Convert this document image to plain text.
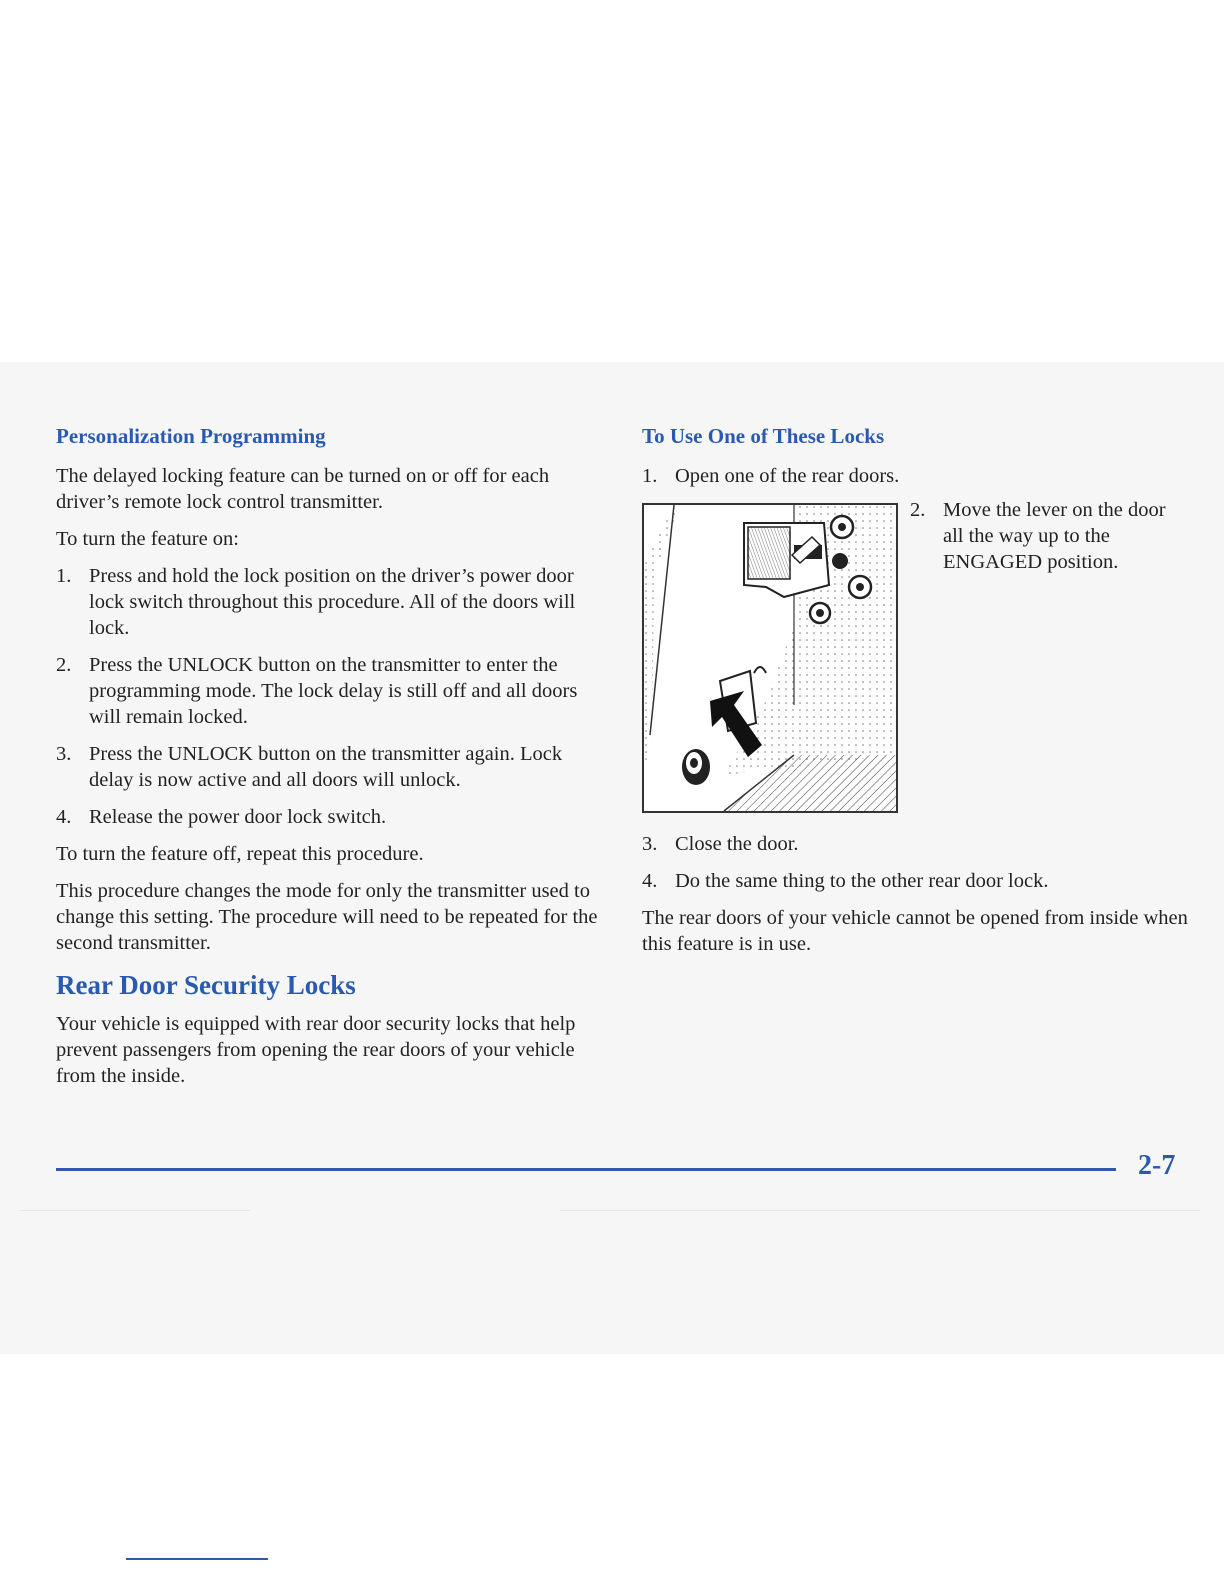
Personalization Programming

The delayed locking feature can be turned on or off for each driver’s remote lock control transmitter.

To turn the feature on:

1. Press and hold the lock position on the driver’s power door lock switch throughout this procedure. All of the doors will lock.
2. Press the UNLOCK button on the transmitter to enter the programming mode. The lock delay is still off and all doors will remain locked.
3. Press the UNLOCK button on the transmitter again. Lock delay is now active and all doors will unlock.
4. Release the power door lock switch.

To turn the feature off, repeat this procedure.

This procedure changes the mode for only the transmitter used to change this setting. The procedure will need to be repeated for the second transmitter.

Rear Door Security Locks

Your vehicle is equipped with rear door security locks that help prevent passengers from opening the rear doors of your vehicle from the inside.

To Use One of These Locks
1. Open one of the rear doors.
2. Move the lever on the door all the way up to the ENGAGED position.
3. Close the door.
4. Do the same thing to the other rear door lock.

The rear doors of your vehicle cannot be opened from inside when this feature is in use.

2-7
